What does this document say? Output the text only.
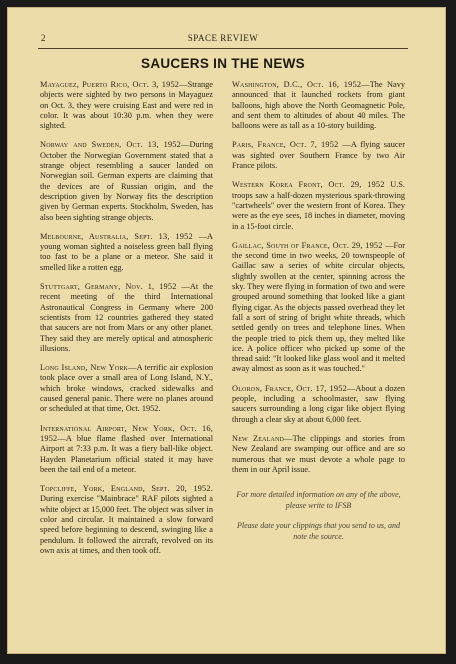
2	SPACE REVIEW
SAUCERS IN THE NEWS

Mayaguez, Puerto Rico, Oct. 3, 1952—Strange objects were sighted by two persons in Mayaguez on Oct. 3, they were cruising East and were red in color. It was about 10:30 p.m. when they were sighted.

Norway and Sweden, Oct. 13, 1952—During October the Norwegian Government stated that a strange object resembling a saucer landed on Norwegian soil. German experts are claiming that the devices are of Russian origin, and the description given by Norway fits the description given by German experts. Stockholm, Sweden, has also been sighting strange objects.

Melbourne, Australia, Sept. 13, 1952 —A young woman sighted a noiseless green ball flying too fast to be a plane or a meteor. She said it smelled like a rotten egg.

Stuttgart, Germany, Nov. 1, 1952 —At the recent meeting of the third International Astronautical Congress in Germany where 200 scientists from 12 countries gathered they stated that saucers are not from Mars or any other planet. They said they are merely optical and atmospheric illusions.

Long Island, New York—A terrific air explosion took place over a small area of Long Island, N.Y., which broke windows, cracked sidewalks and caused general panic. There were no planes around or scheduled at that time, Oct. 1952.

International Airport, New York, Oct. 16, 1952—A blue flame flashed over International Airport at 7:33 p.m. It was a fiery ball-like object. Hayden Planetarium official stated it may have been the tail end of a meteor.

Topcliffe, York, England, Sept. 20, 1952. During exercise "Mainbrace" RAF pilots sighted a white object at 15,000 feet. The object was silver in color and circular. It maintained a slow forward speed before beginning to descend, swinging like a pendulum. It followed the aircraft, revolved on its own axis at times, and then took off.

Washington, D.C., Oct. 16, 1952—The Navy announced that it launched rockets from giant balloons, high above the North Geomagnetic Pole, and sent them to altitudes of about 40 miles. The balloons were as tall as a 10-story building.

Paris, France, Oct. 7, 1952 —A flying saucer was sighted over Southern France by two Air France pilots.

Western Korea Front, Oct. 29, 1952 U.S. troops saw a half-dozen mysterious spark-throwing "cartwheels" over the western front of Korea. They were as the eye sees, 18 inches in diameter, moving in a 15-foot circle.

Gaillac, South of France, Oct. 29, 1952 —For the second time in two weeks, 20 townspeople of Gaillac saw a series of white circular objects, slightly swollen at the center, spinning across the sky. They were flying in formation of two and were grouped around something that looked like a giant flying cigar. As the objects passed overhead they let fall a sort of string of bright white threads, which settled gently on trees and telephone lines. When the people tried to pick them up, they melted like ice. A police officer who picked up some of the thread said: "It looked like glass wool and it melted away almost as soon as it was touched."

Oloron, France, Oct. 17, 1952—About a dozen people, including a schoolmaster, saw flying saucers surrounding a long cigar like object flying through a clear sky at about 6,000 feet.

New Zealand—The clippings and stories from New Zealand are swamping our office and are so numerous that we must devote a whole page to them in our April issue.

For more detailed information on any of the above, please write to IFSB

Please date your clippings that you send to us, and note the source.
